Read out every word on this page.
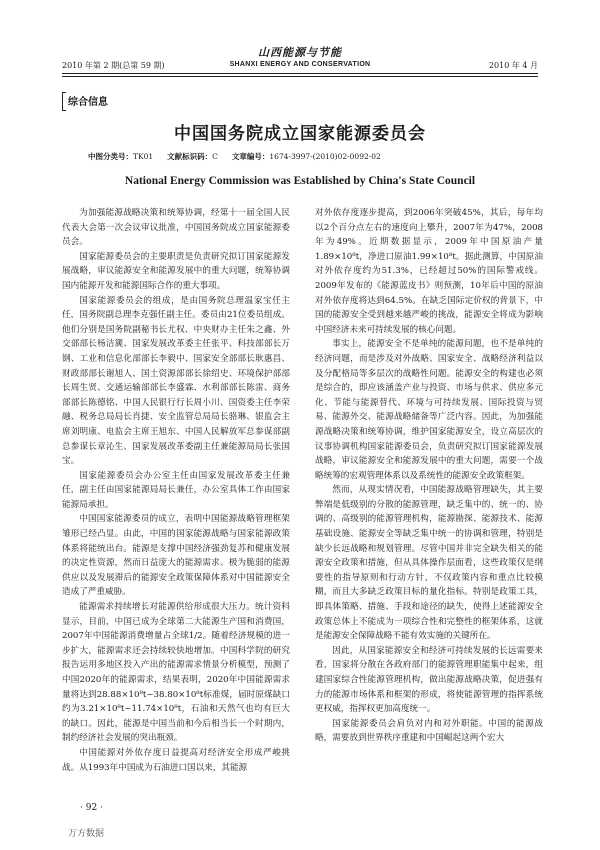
2010 年第 2 期(总第 59 期)
山西能源与节能
SHANXI ENERGY AND CONSERVATION	2010 年 4 月
综合信息
中国国务院成立国家能源委员会
中图分类号：TK01 文献标识码：C 文章编号：1674-3997-(2010)02-0092-02
National Energy Commission was Established by China's State Council

为加强能源战略决策和统筹协调，经第十一届全国人民代表大会第一次会议审议批准，中国国务院成立国家能源委员会。

国家能源委员会的主要职责是负责研究拟订国家能源发展战略，审议能源安全和能源发展中的重大问题，统筹协调国内能源开发和能源国际合作的重大事项。

国家能源委员会的组成，是由国务院总理温家宝任主任，国务院副总理李克强任副主任。委员由21位委员组成。他们分别是国务院副秘书长尤权、中央财办主任朱之鑫、外交部部长杨洁篪、国家发展改革委主任张平、科技部部长万钢、工业和信息化部部长李毅中、国家安全部部长耿惠昌、财政部部长谢旭人、国土资源部部长徐绍史、环境保护部部长周生贤、交通运输部部长李盛霖、水利部部长陈雷、商务部部长陈德铭、中国人民银行行长周小川、国资委主任李荣融、税务总局局长肖捷、安全监管总局局长骆琳、银监会主席刘明康、电监会主席王旭东、中国人民解放军总参谋部副总参谋长章沁生、国家发展改革委副主任兼能源局局长张国宝。

国家能源委员会办公室主任由国家发展改革委主任兼任，副主任由国家能源局局长兼任，办公室具体工作由国家能源局承担。

中国国家能源委员的成立，表明中国能源战略管理框架雏形已经凸显。由此，中国的国家能源战略与国家能源政策体系将能统出台。能源是支撑中国经济强劲复苏和健康发展的决定性资源，然而日益庞大的能源需求、极为脆弱的能源供应以及发展滞后的能源安全政策保障体系对中国能源安全造成了严重威胁。

能源需求持续增长对能源供给形成很大压力。统计资料显示，目前，中国已成为全球第二大能源生产国和消费国，2007年中国能源消费增量占全球1/2。随着经济规模的进一步扩大，能源需求还会持续较快地增加。中国科学院的研究报告运用多地区投入产出的能源需求情景分析模型，预测了中国2020年的能源需求，结果表明，2020年中国能源需求量将达到28.88×10⁸t~38.80×10⁸t标准煤，届时原煤缺口约为3.21×10⁸t~11.74×10⁸t，石油和天然气也均有巨大的缺口。因此，能源是中国当前和今后相当长一个时期内，制约经济社会发展的突出瓶颈。

中国能源对外依存度日益提高对经济安全形成严峻挑战。从1993年中国成为石油进口国以来，其能源

对外依存度逐步提高，到2006年突破45%，其后，每年均以2个百分点左右的速度向上攀升，2007年为47%，2008年为49%。近期数据显示，2009年中国原油产量1.89×10⁸t，净进口原油1.99×10⁸t。据此测算，中国原油对外依存度约为51.3%，已经超过50%的国际警戒线。2009年发布的《能源蓝皮书》则预测，10年后中国的原油对外依存度将达到64.5%。在缺乏国际定价权的背景下，中国的能源安全受到越来越严峻的挑战，能源安全将成为影响中国经济未来可持续发展的核心问题。

事实上，能源安全不是单纯的能源问题，也不是单纯的经济问题，而是涉及对外战略、国家安全、战略经济利益以及分配格局等多层次的战略性问题。能源安全的构建也必须是综合的，即应该涵盖产业与投资、市场与供求、供应多元化、节能与能源替代、环境与可持续发展、国际投资与贸易、能源外交、能源战略储备等广泛内容。因此，为加强能源战略决策和统筹协调，维护国家能源安全，设立高层次的议事协调机构国家能源委员会，负责研究拟订国家能源发展战略，审议能源安全和能源发展中的重大问题，需要一个战略统筹的宏观管理体系以及系统性的能源安全政策框架。

然而，从现实情况看，中国能源战略管理缺失，其主要弊端是低级别的分散的能源管理，缺乏集中的、统一的、协调的、高级别的能源管理机构，能源勘探、能源技术、能源基础设施、能源安全等缺乏集中统一的协调和管理，特别是缺少长远战略和规划管理。尽管中国并非完全缺失相关的能源安全政策和措施，但从具体操作层面看，这些政策仅是纲要性的指导原则和行动方针，不仅政策内容和重点比较模糊，而且大多缺乏政策目标的量化指标。特别是政策工具，即具体策略、措施、手段和途径的缺失，使得上述能源安全政策总体上不能成为一项综合性和完整性的框架体系，这就是能源安全保障战略不能有效实施的关键所在。

因此，从国家能源安全和经济可持续发展的长远需要来看，国家将分散在各政府部门的能源管理职能集中起来，组建国家综合性能源管理机构，做出能源战略决策，促进强有力的能源市场体系和框架的形成，将使能源管理的指挥系统更权威，指挥权更加高度统一。

国家能源委员会肩负对内和对外职能。中国的能源战略，需要放到世界秩序重建和中国崛起这两个宏大

· 92 ·
万方数据
